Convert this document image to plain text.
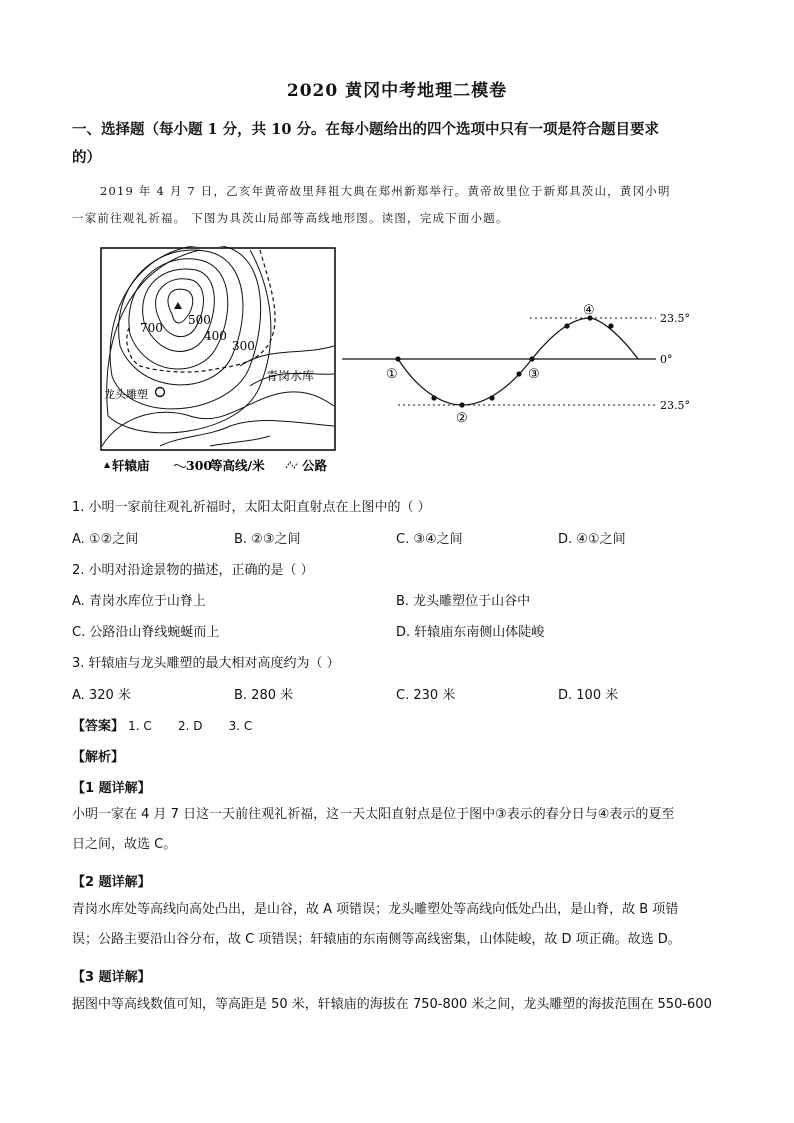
2020 黄冈中考地理二模卷
一、选择题（每小题 1 分，共 10 分。在每小题给出的四个选项中只有一项是符合题目要求
的）

2019 年 4 月 7 日，乙亥年黄帝故里拜祖大典在郑州新郑举行。黄帝故里位于新郑具茨山，黄冈小明

一家前往观礼祈福。 下图为具茨山局部等高线地形图。读图，完成下面小题。

700
500
400
300
青岗水库
龙头雕塑
轩辕庙	300
等高线/米	公路
23.5°
0°
23.5°
①
②
③
④
1. 小明一家前往观礼祈福时，太阳太阳直射点在上图中的（ ）
A. ①②之间	B. ②③之间	C. ③④之间	D. ④①之间
2. 小明对沿途景物的描述，正确的是（ ）
A. 青岗水库位于山脊上	B. 龙头雕塑位于山谷中
C. 公路沿山脊线蜿蜒而上	D. 轩辕庙东南侧山体陡峻
3. 轩辕庙与龙头雕塑的最大相对高度约为（ ）
A. 320 米	B. 280 米	C. 230 米	D. 100 米
【答案】 1. C 2. D 3. C
【解析】
【1 题详解】

小明一家在 4 月 7 日这一天前往观礼祈福，这一天太阳直射点是位于图中③表示的春分日与④表示的夏至

日之间，故选 C。

【2 题详解】

青岗水库处等高线向高处凸出，是山谷，故 A 项错误；龙头雕塑处等高线向低处凸出，是山脊，故 B 项错

误；公路主要沿山谷分布，故 C 项错误；轩辕庙的东南侧等高线密集，山体陡峻，故 D 项正确。故选 D。

【3 题详解】

据图中等高线数值可知，等高距是 50 米，轩辕庙的海拔在 750-800 米之间，龙头雕塑的海拔范围在 550-600
